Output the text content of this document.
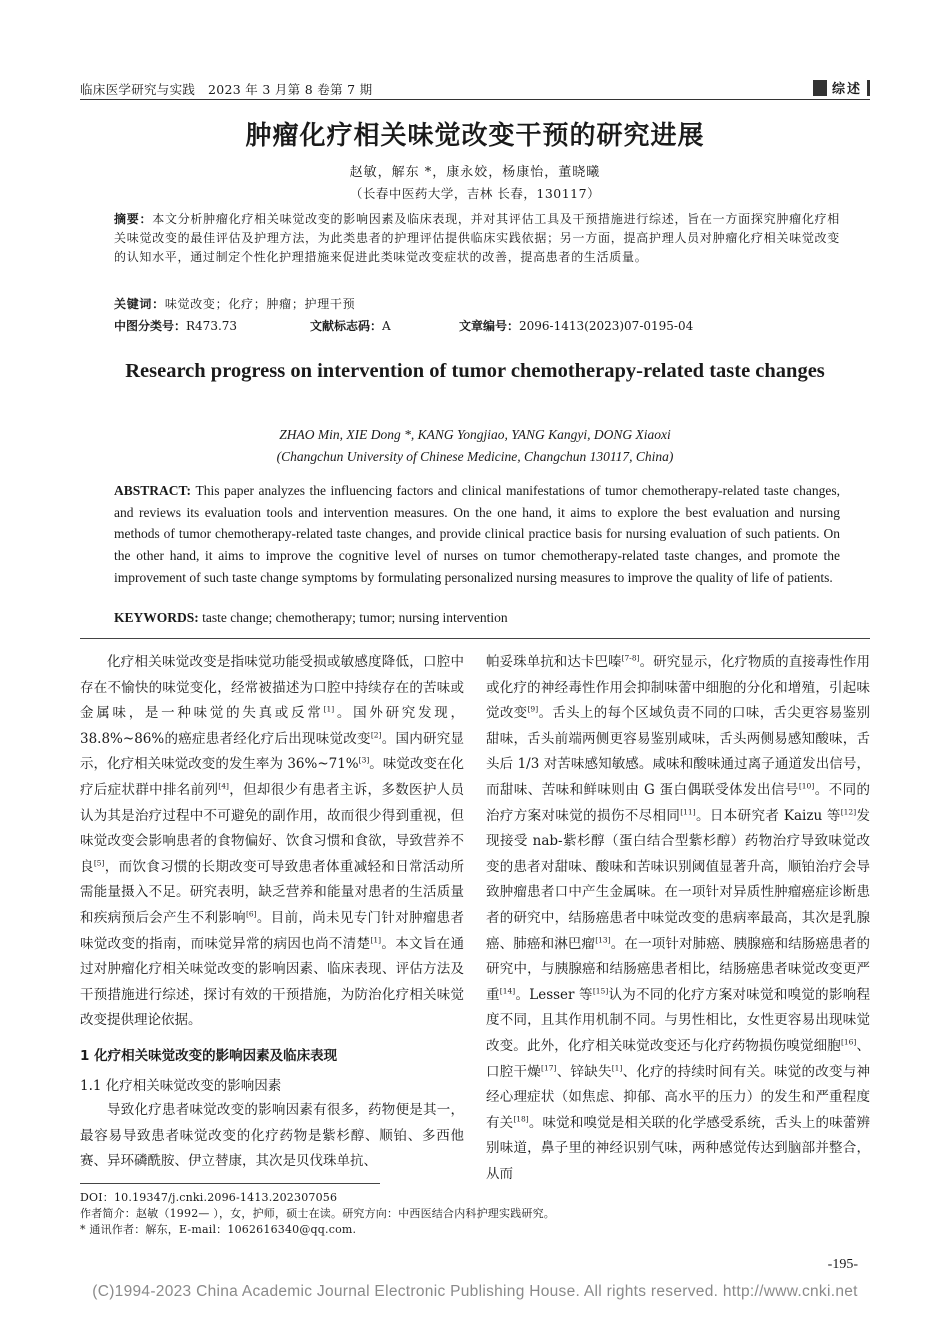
临床医学研究与实践　2023 年 3 月第 8 卷第 7 期	综述
肿瘤化疗相关味觉改变干预的研究进展
赵敏，解东 *，康永姣，杨康怡，董晓曦
（长春中医药大学，吉林 长春，130117）
摘要：本文分析肿瘤化疗相关味觉改变的影响因素及临床表现，并对其评估工具及干预措施进行综述，旨在一方面探究肿瘤化疗相关味觉改变的最佳评估及护理方法，为此类患者的护理评估提供临床实践依据；另一方面，提高护理人员对肿瘤化疗相关味觉改变的认知水平，通过制定个性化护理措施来促进此类味觉改变症状的改善，提高患者的生活质量。
关键词：味觉改变；化疗；肿瘤；护理干预
中图分类号：R473.73	文献标志码：A	文章编号：2096-1413(2023)07-0195-04
Research progress on intervention of tumor chemotherapy-related taste changes
ZHAO Min, XIE Dong *, KANG Yongjiao, YANG Kangyi, DONG Xiaoxi
(Changchun University of Chinese Medicine, Changchun 130117, China)
ABSTRACT: This paper analyzes the influencing factors and clinical manifestations of tumor chemotherapy-related taste changes, and reviews its evaluation tools and intervention measures. On the one hand, it aims to explore the best evaluation and nursing methods of tumor chemotherapy-related taste changes, and provide clinical practice basis for nursing evaluation of such patients. On the other hand, it aims to improve the cognitive level of nurses on tumor chemotherapy-related taste changes, and promote the improvement of such taste change symptoms by formulating personalized nursing measures to improve the quality of life of patients.
KEYWORDS: taste change; chemotherapy; tumor; nursing intervention

化疗相关味觉改变是指味觉功能受损或敏感度降低，口腔中存在不愉快的味觉变化，经常被描述为口腔中持续存在的苦味或金属味，是一种味觉的失真或反常[1]。国外研究发现，38.8%~86%的癌症患者经化疗后出现味觉改变[2]。国内研究显示，化疗相关味觉改变的发生率为 36%~71%[3]。味觉改变在化疗后症状群中排名前列[4]，但却很少有患者主诉，多数医护人员认为其是治疗过程中不可避免的副作用，故而很少得到重视，但味觉改变会影响患者的食物偏好、饮食习惯和食欲，导致营养不良[5]，而饮食习惯的长期改变可导致患者体重减轻和日常活动所需能量摄入不足。研究表明，缺乏营养和能量对患者的生活质量和疾病预后会产生不利影响[6]。目前，尚未见专门针对肿瘤患者味觉改变的指南，而味觉异常的病因也尚不清楚[1]。本文旨在通过对肿瘤化疗相关味觉改变的影响因素、临床表现、评估方法及干预措施进行综述，探讨有效的干预措施，为防治化疗相关味觉改变提供理论依据。

1 化疗相关味觉改变的影响因素及临床表现
1.1 化疗相关味觉改变的影响因素

导致化疗患者味觉改变的影响因素有很多，药物便是其一，最容易导致患者味觉改变的化疗药物是紫杉醇、顺铂、多西他赛、异环磷酰胺、伊立替康，其次是贝伐珠单抗、

帕妥珠单抗和达卡巴嗪[7-8]。研究显示，化疗物质的直接毒性作用或化疗的神经毒性作用会抑制味蕾中细胞的分化和增殖，引起味觉改变[9]。舌头上的每个区域负责不同的口味，舌尖更容易鉴别甜味，舌头前端两侧更容易鉴别咸味，舌头两侧易感知酸味，舌头后 1/3 对苦味感知敏感。咸味和酸味通过离子通道发出信号，而甜味、苦味和鲜味则由 G 蛋白偶联受体发出信号[10]。不同的治疗方案对味觉的损伤不尽相同[11]。日本研究者 Kaizu 等[12]发现接受 nab-紫杉醇（蛋白结合型紫杉醇）药物治疗导致味觉改变的患者对甜味、酸味和苦味识别阈值显著升高，顺铂治疗会导致肿瘤患者口中产生金属味。在一项针对异质性肿瘤癌症诊断患者的研究中，结肠癌患者中味觉改变的患病率最高，其次是乳腺癌、肺癌和淋巴瘤[13]。在一项针对肺癌、胰腺癌和结肠癌患者的研究中，与胰腺癌和结肠癌患者相比，结肠癌患者味觉改变更严重[14]。Lesser 等[15]认为不同的化疗方案对味觉和嗅觉的影响程度不同，且其作用机制不同。与男性相比，女性更容易出现味觉改变。此外，化疗相关味觉改变还与化疗药物损伤嗅觉细胞[16]、口腔干燥[17]、锌缺失[1]、化疗的持续时间有关。味觉的改变与神经心理症状（如焦虑、抑郁、高水平的压力）的发生和严重程度有关[18]。味觉和嗅觉是相关联的化学感受系统，舌头上的味蕾辨别味道，鼻子里的神经识别气味，两种感觉传达到脑部并整合，从而

DOI：10.19347/j.cnki.2096-1413.202307056
作者简介：赵敏（1992— ），女，护师，硕士在读。研究方向：中西医结合内科护理实践研究。
* 通讯作者：解东，E-mail：1062616340@qq.com.
-195-
(C)1994-2023 China Academic Journal Electronic Publishing House. All rights reserved. http://www.cnki.net
